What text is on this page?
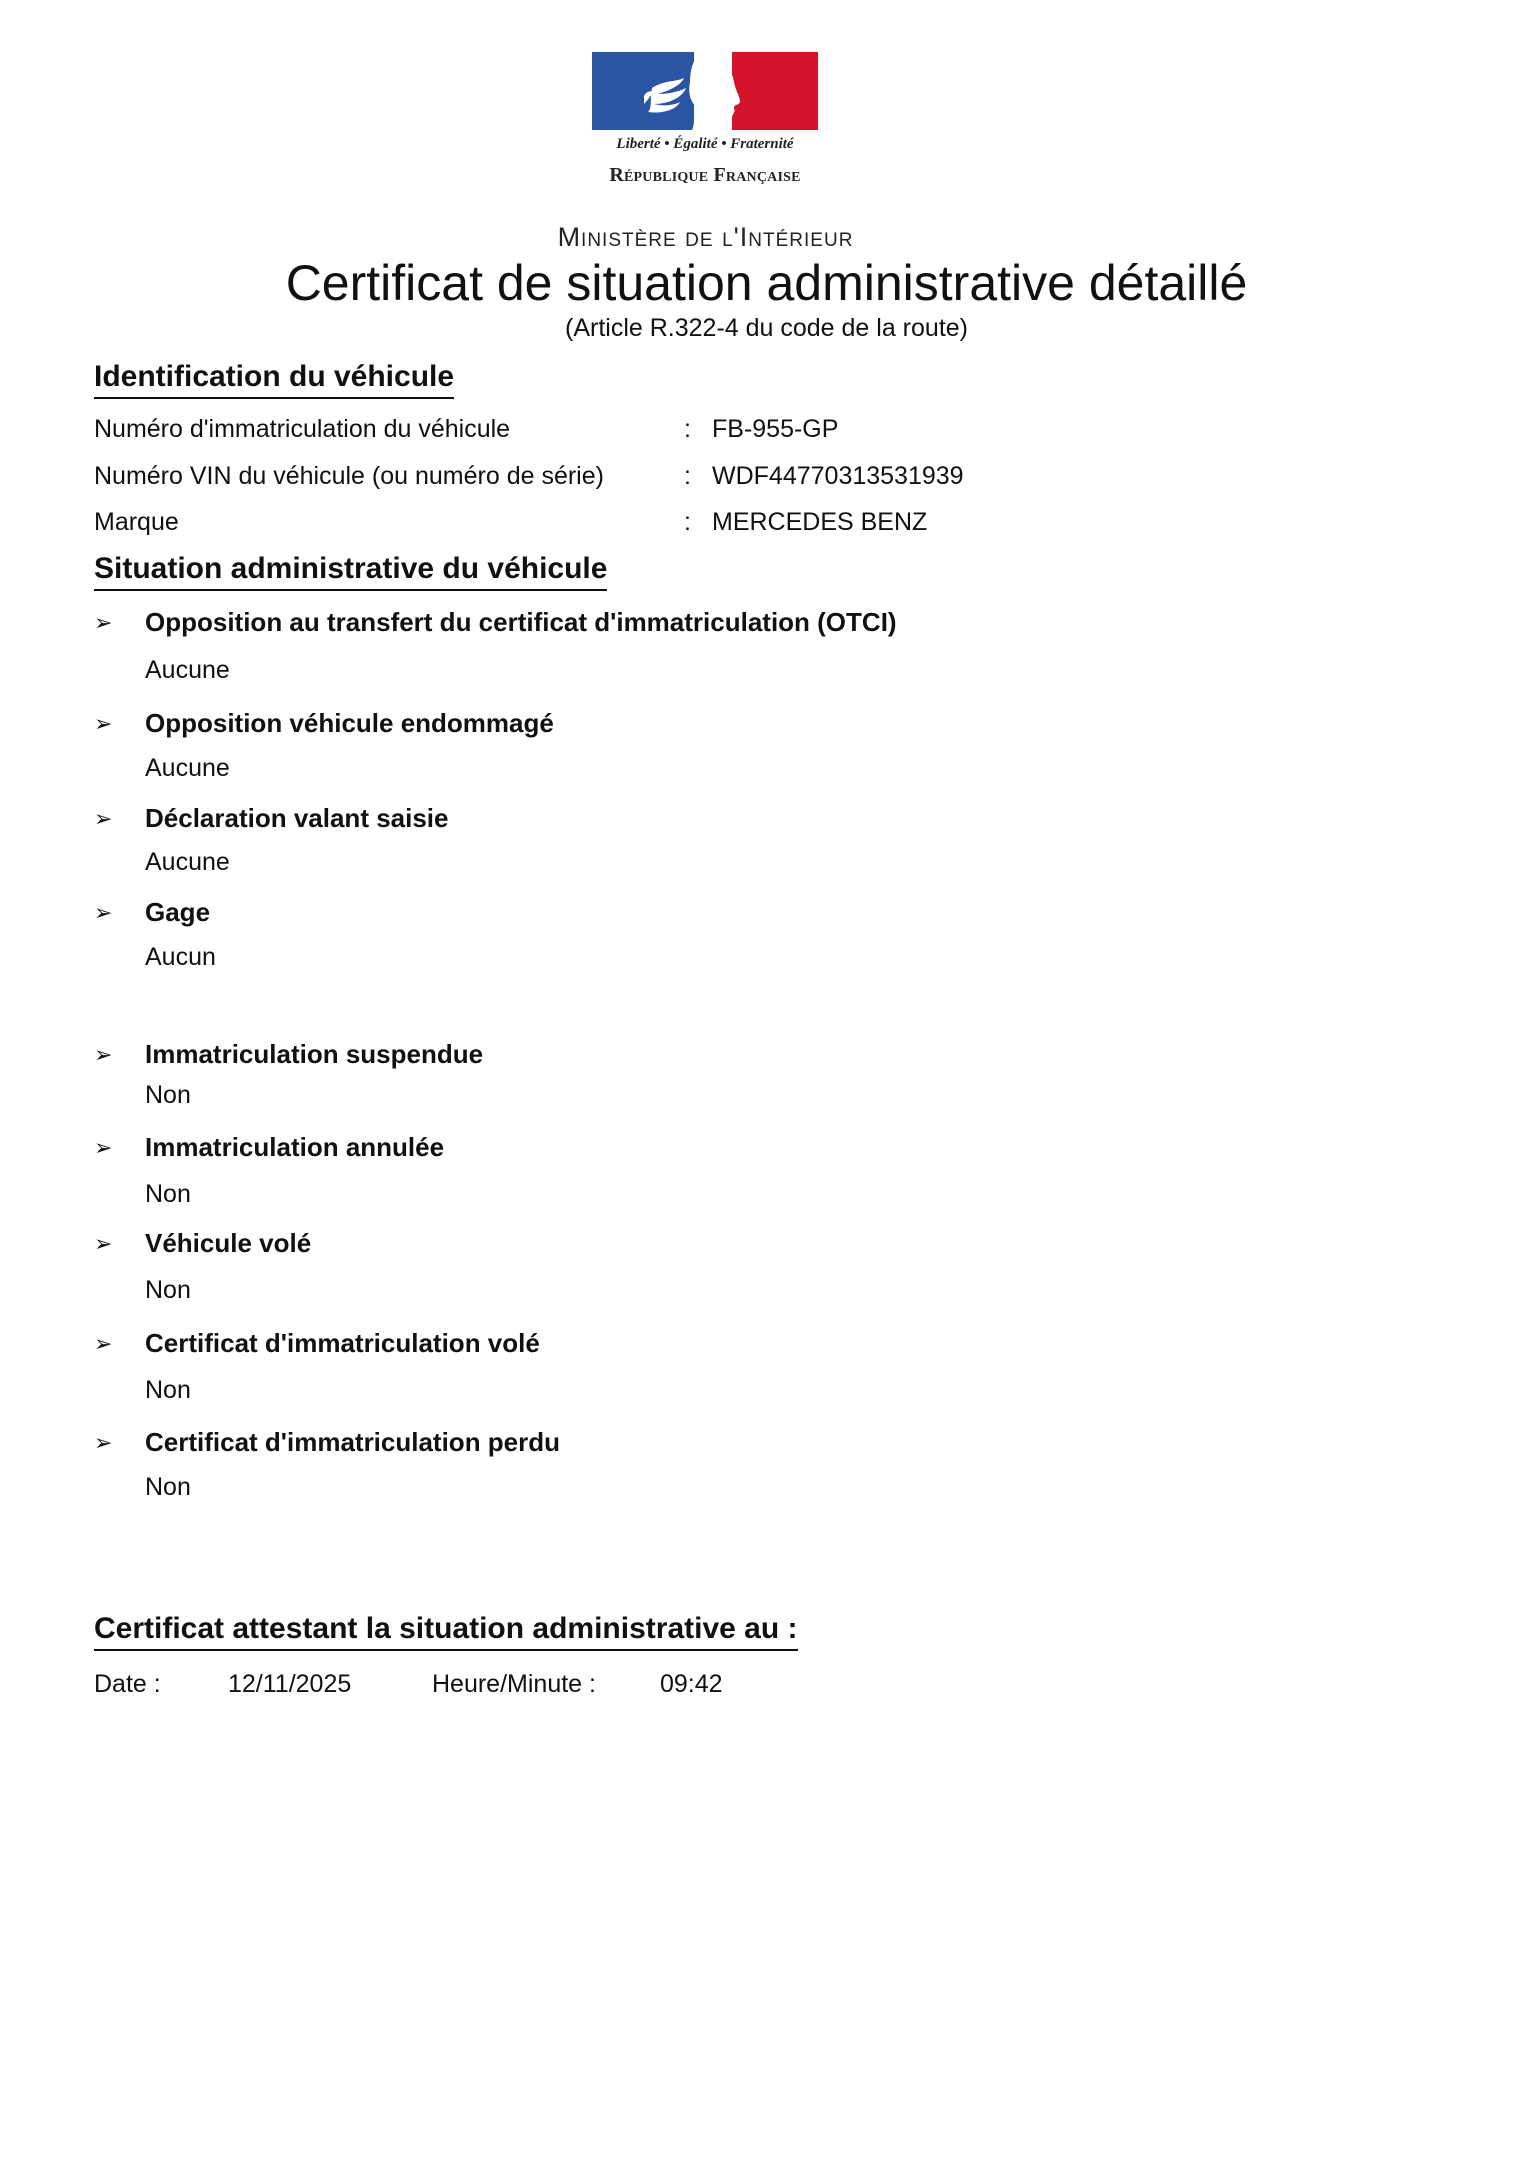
Liberté • Égalité • Fraternité
République Française
Ministère de l'Intérieur
Certificat de situation administrative détaillé
(Article R.322-4 du code de la route)
Identification du véhicule
Numéro d'immatriculation du véhicule	: FB-955-GP
Numéro VIN du véhicule (ou numéro de série)	: WDF44770313531939
Marque	: MERCEDES BENZ
Situation administrative du véhicule
➢ Opposition au transfert du certificat d'immatriculation (OTCI)
Aucune
➢ Opposition véhicule endommagé
Aucune
➢ Déclaration valant saisie
Aucune
➢ Gage
Aucun
➢ Immatriculation suspendue
Non
➢ Immatriculation annulée
Non
➢ Véhicule volé
Non
➢ Certificat d'immatriculation volé
Non
➢ Certificat d'immatriculation perdu
Non
Certificat attestant la situation administrative au :
Date :	12/11/2025	Heure/Minute :	09:42
